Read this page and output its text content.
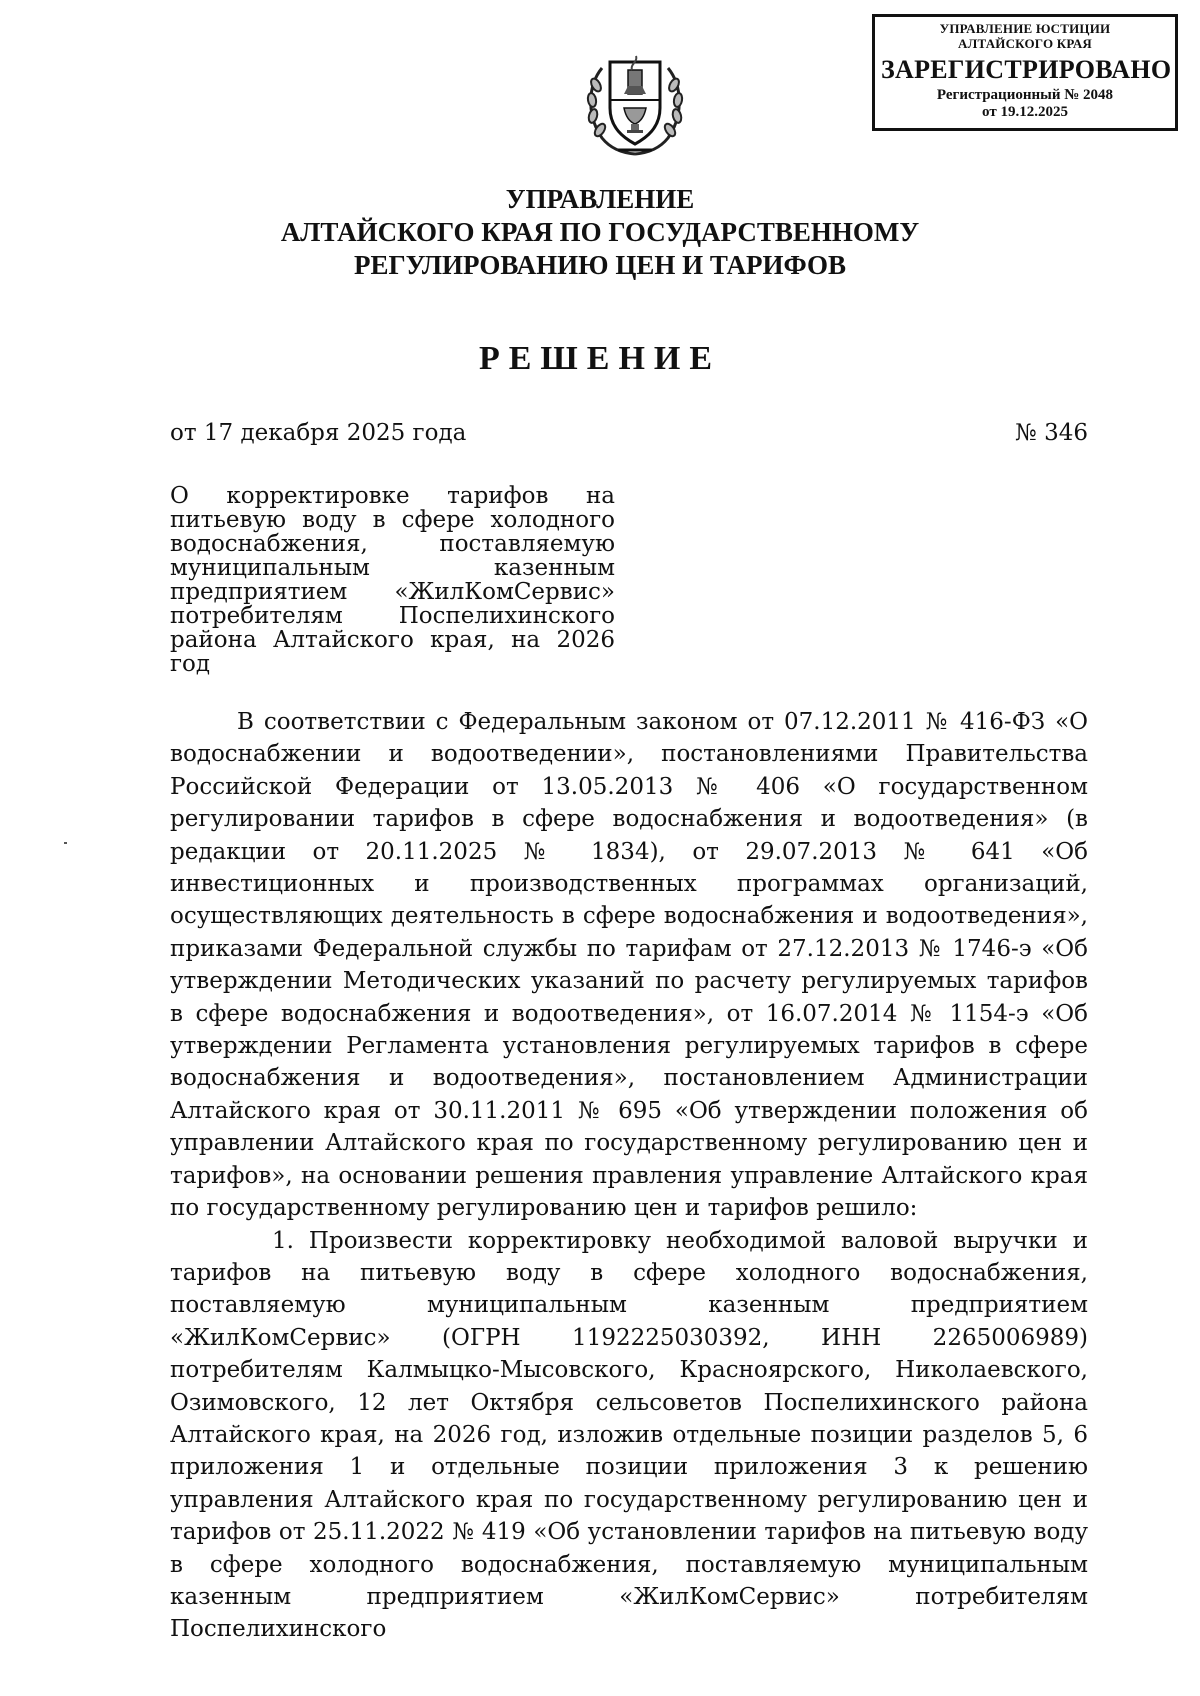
УПРАВЛЕНИЕ ЮСТИЦИИ
АЛТАЙСКОГО КРАЯ
ЗАРЕГИСТРИРОВАНО
Регистрационный № 2048
от 19.12.2025
УПРАВЛЕНИЕ
АЛТАЙСКОГО КРАЯ ПО ГОСУДАРСТВЕННОМУ
РЕГУЛИРОВАНИЮ ЦЕН И ТАРИФОВ
РЕШЕНИЕ
от 17 декабря 2025 года	№ 346
О корректировке тарифов на питьевую воду в сфере холодного водоснабжения, поставляемую муниципальным казенным предприятием «ЖилКомСервис» потребителям Поспелихинского района Алтайского края, на 2026 год

В соответствии с Федеральным законом от 07.12.2011 № 416-ФЗ «О водоснабжении и водоотведении», постановлениями Правительства Российской Федерации от 13.05.2013 № 406 «О государственном регулировании тарифов в сфере водоснабжения и водоотведения» (в редакции от 20.11.2025 № 1834), от 29.07.2013 № 641 «Об инвестиционных и производственных программах организаций, осуществляющих деятельность в сфере водоснабжения и водоотведения», приказами Федеральной службы по тарифам от 27.12.2013 № 1746-э «Об утверждении Методических указаний по расчету регулируемых тарифов в сфере водоснабжения и водоотведения», от 16.07.2014 № 1154-э «Об утверждении Регламента установления регулируемых тарифов в сфере водоснабжения и водоотведения», постановлением Администрации Алтайского края от 30.11.2011 № 695 «Об утверждении положения об управлении Алтайского края по государственному регулированию цен и тарифов», на основании решения правления управление Алтайского края по государственному регулированию цен и тарифов решило:

1. Произвести корректировку необходимой валовой выручки и тарифов на питьевую воду в сфере холодного водоснабжения, поставляемую муниципальным казенным предприятием «ЖилКомСервис» (ОГРН 1192225030392, ИНН 2265006989) потребителям Калмыцко-Мысовского, Красноярского, Николаевского, Озимовского, 12 лет Октября сельсоветов Поспелихинского района Алтайского края, на 2026 год, изложив отдельные позиции разделов 5, 6 приложения 1 и отдельные позиции приложения 3 к решению управления Алтайского края по государственному регулированию цен и тарифов от 25.11.2022 № 419 «Об установлении тарифов на питьевую воду в сфере холодного водоснабжения, поставляемую муниципальным казенным предприятием «ЖилКомСервис» потребителям Поспелихинского
